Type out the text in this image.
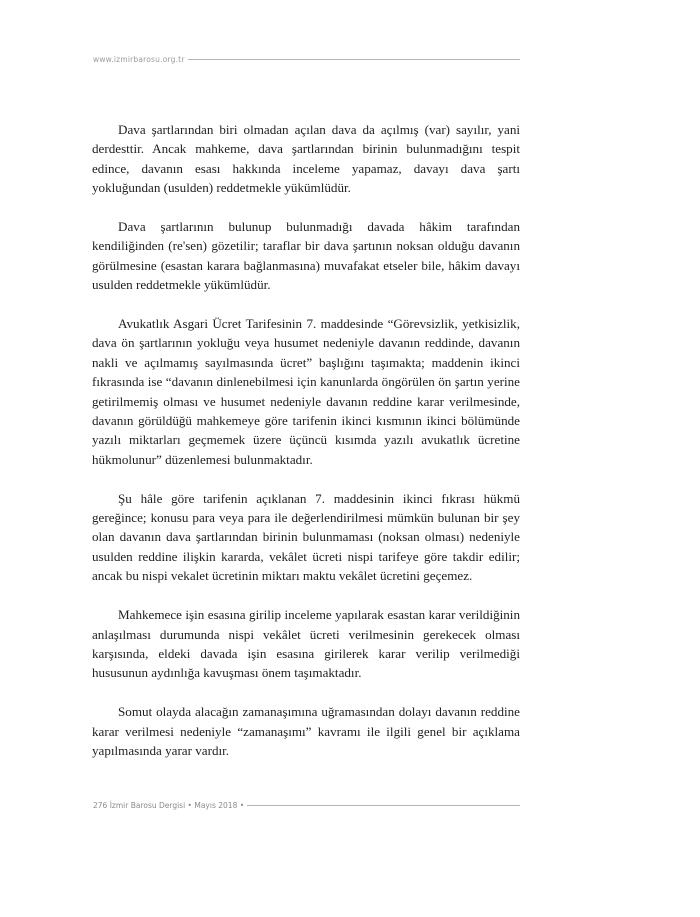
www.izmirbarosu.org.tr

Dava şartlarından biri olmadan açılan dava da açılmış (var) sayılır, yani derdesttir. Ancak mahkeme, dava şartlarından birinin bulunmadığını tespit edince, davanın esası hakkında inceleme yapamaz, davayı dava şartı yokluğundan (usulden) reddetmekle yükümlüdür.

Dava şartlarının bulunup bulunmadığı davada hâkim tarafından kendiliğinden (re'sen) gözetilir; taraflar bir dava şartının noksan olduğu davanın görülmesine (esastan karara bağlanmasına) muvafakat etseler bile, hâkim davayı usulden reddetmekle yükümlüdür.

Avukatlık Asgari Ücret Tarifesinin 7. maddesinde “Görevsizlik, yetkisizlik, dava ön şartlarının yokluğu veya husumet nedeniyle davanın reddinde, davanın nakli ve açılmamış sayılmasında ücret” başlığını taşımakta; maddenin ikinci fıkrasında ise “davanın dinlenebilmesi için kanunlarda öngörülen ön şartın yerine getirilmemiş olması ve husumet nedeniyle davanın reddine karar verilmesinde, davanın görüldüğü mahkemeye göre tarifenin ikinci kısmının ikinci bölümünde yazılı miktarları geçmemek üzere üçüncü kısımda yazılı avukatlık ücretine hükmolunur” düzenlemesi bulunmaktadır.

Şu hâle göre tarifenin açıklanan 7. maddesinin ikinci fıkrası hükmü gereğince; konusu para veya para ile değerlendirilmesi mümkün bulunan bir şey olan davanın dava şartlarından birinin bulunmaması (noksan olması) nedeniyle usulden reddine ilişkin kararda, vekâlet ücreti nispi tarifeye göre takdir edilir; ancak bu nispi vekalet ücretinin miktarı maktu vekâlet ücretini geçemez.

Mahkemece işin esasına girilip inceleme yapılarak esastan karar verildiğinin anlaşılması durumunda nispi vekâlet ücreti verilmesinin gerekecek olması karşısında, eldeki davada işin esasına girilerek karar verilip verilmediği hususunun aydınlığa kavuşması önem taşımaktadır.

Somut olayda alacağın zamanaşımına uğramasından dolayı davanın reddine karar verilmesi nedeniyle “zamanaşımı” kavramı ile ilgili genel bir açıklama yapılmasında yarar vardır.

276 İzmir Barosu Dergisi • Mayıs 2018 •
